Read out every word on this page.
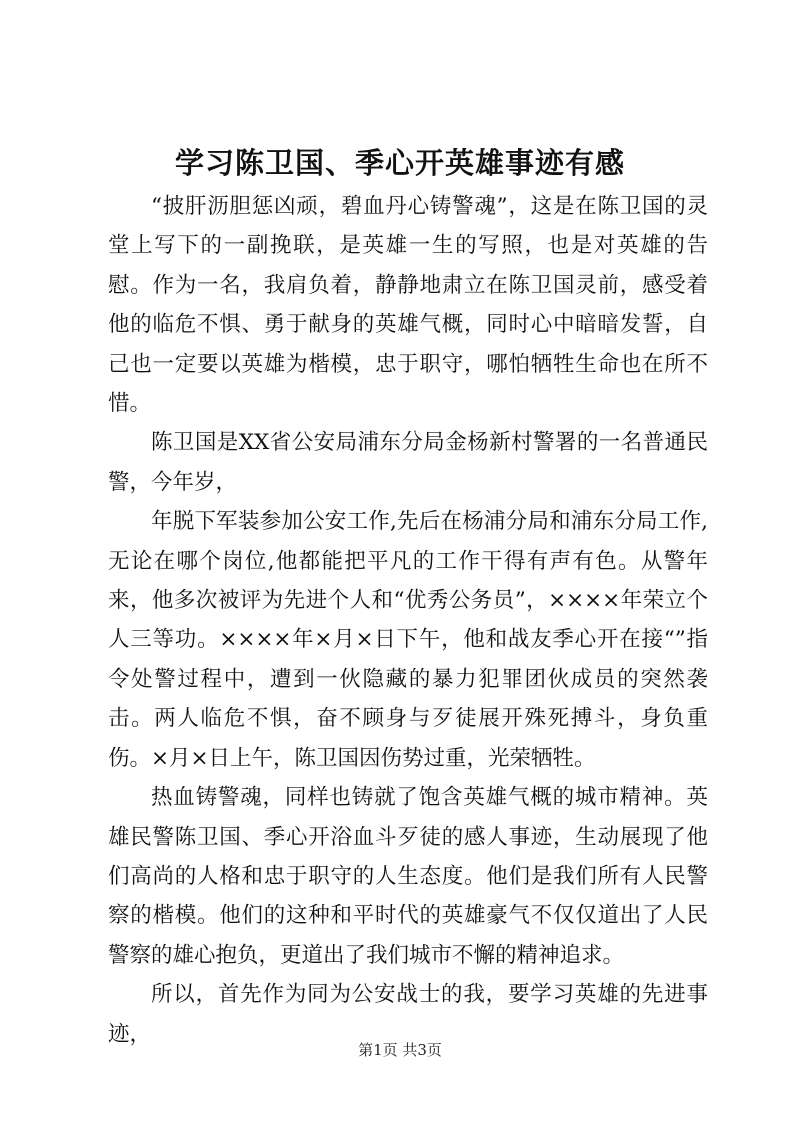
学习陈卫国、季心开英雄事迹有感

“披肝沥胆惩凶顽，碧血丹心铸警魂”，这是在陈卫国的灵堂上写下的一副挽联，是英雄一生的写照，也是对英雄的告慰。作为一名，我肩负着，静静地肃立在陈卫国灵前，感受着他的临危不惧、勇于献身的英雄气概，同时心中暗暗发誓，自己也一定要以英雄为楷模，忠于职守，哪怕牺牲生命也在所不惜。

陈卫国是XX省公安局浦东分局金杨新村警署的一名普通民警，今年岁，

年脱下军装参加公安工作,先后在杨浦分局和浦东分局工作,无论在哪个岗位,他都能把平凡的工作干得有声有色。从警年来，他多次被评为先进个人和“优秀公务员”，××××年荣立个人三等功。××××年×月×日下午，他和战友季心开在接“”指令处警过程中，遭到一伙隐藏的暴力犯罪团伙成员的突然袭击。两人临危不惧，奋不顾身与歹徒展开殊死搏斗，身负重伤。×月×日上午，陈卫国因伤势过重，光荣牺牲。

热血铸警魂，同样也铸就了饱含英雄气概的城市精神。英雄民警陈卫国、季心开浴血斗歹徒的感人事迹，生动展现了他们高尚的人格和忠于职守的人生态度。他们是我们所有人民警察的楷模。他们的这种和平时代的英雄豪气不仅仅道出了人民警察的雄心抱负，更道出了我们城市不懈的精神追求。

所以，首先作为同为公安战士的我，要学习英雄的先进事迹，

第1页 共3页
